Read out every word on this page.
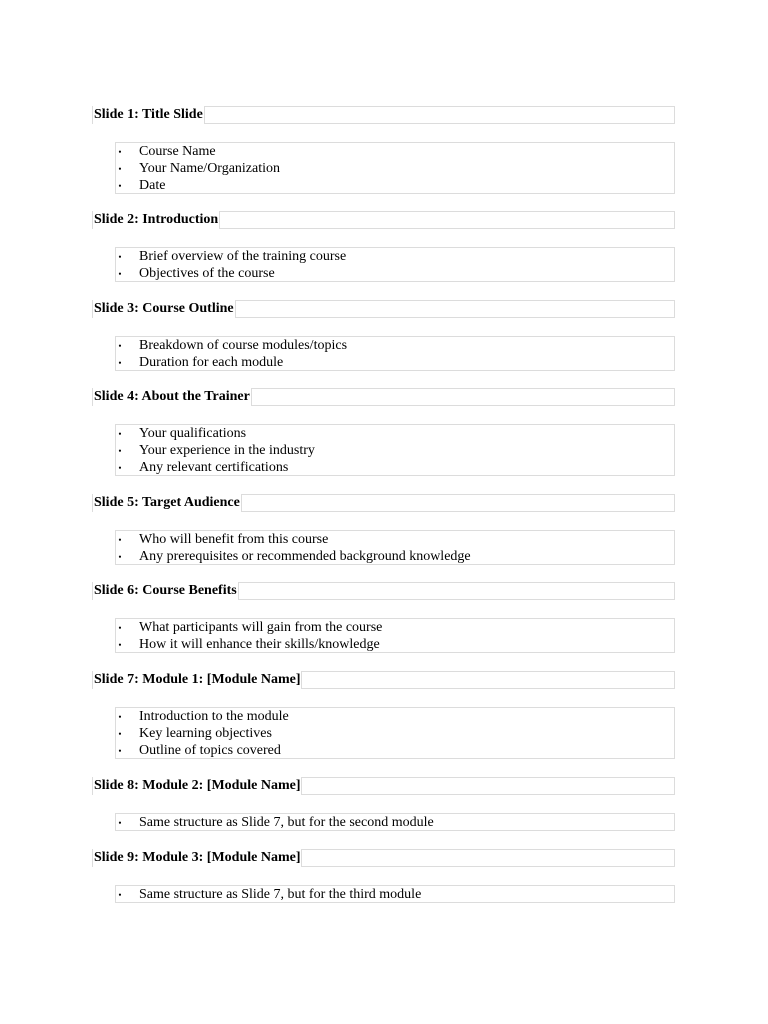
Slide 1: Title Slide
• Course Name
• Your Name/Organization
• Date
Slide 2: Introduction
• Brief overview of the training course
• Objectives of the course
Slide 3: Course Outline
• Breakdown of course modules/topics
• Duration for each module
Slide 4: About the Trainer
• Your qualifications
• Your experience in the industry
• Any relevant certifications
Slide 5: Target Audience
• Who will benefit from this course
• Any prerequisites or recommended background knowledge
Slide 6: Course Benefits
• What participants will gain from the course
• How it will enhance their skills/knowledge
Slide 7: Module 1: [Module Name]
• Introduction to the module
• Key learning objectives
• Outline of topics covered
Slide 8: Module 2: [Module Name]
• Same structure as Slide 7, but for the second module
Slide 9: Module 3: [Module Name]
• Same structure as Slide 7, but for the third module
